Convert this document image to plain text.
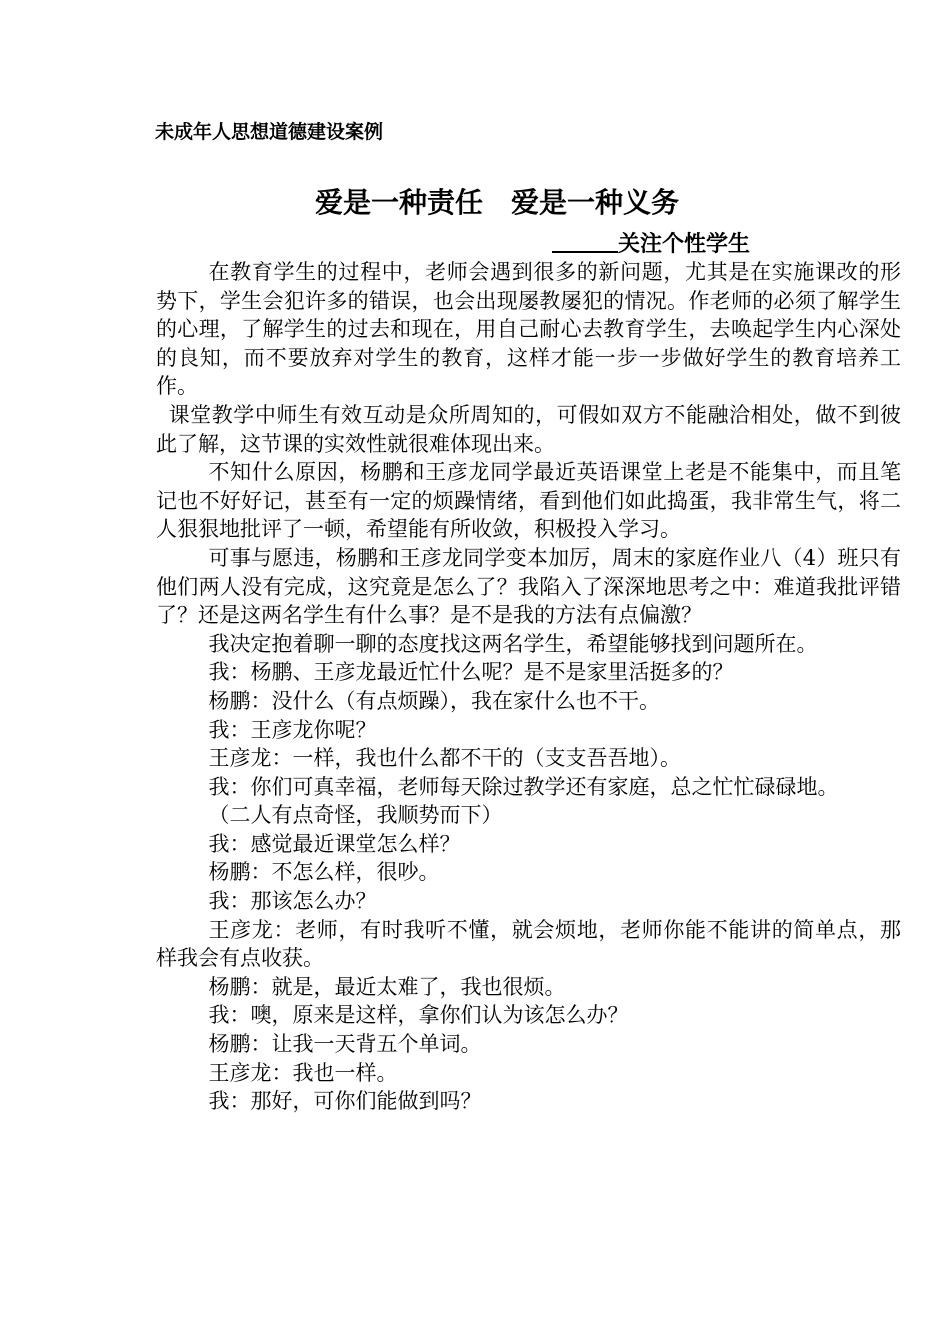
未成年人思想道德建设案例
爱是一种责任 爱是一种义务
关注个性学生

在教育学生的过程中，老师会遇到很多的新问题，尤其是在实施课改的形势下，学生会犯许多的错误，也会出现屡教屡犯的情况。作老师的必须了解学生的心理，了解学生的过去和现在，用自己耐心去教育学生，去唤起学生内心深处的良知，而不要放弃对学生的教育，这样才能一步一步做好学生的教育培养工作。

课堂教学中师生有效互动是众所周知的，可假如双方不能融洽相处，做不到彼此了解，这节课的实效性就很难体现出来。

不知什么原因，杨鹏和王彦龙同学最近英语课堂上老是不能集中，而且笔记也不好好记，甚至有一定的烦躁情绪，看到他们如此捣蛋，我非常生气，将二人狠狠地批评了一顿，希望能有所收敛，积极投入学习。

可事与愿违，杨鹏和王彦龙同学变本加厉，周末的家庭作业八（4）班只有他们两人没有完成，这究竟是怎么了？我陷入了深深地思考之中：难道我批评错了？还是这两名学生有什么事？是不是我的方法有点偏激？

我决定抱着聊一聊的态度找这两名学生，希望能够找到问题所在。

我：杨鹏、王彦龙最近忙什么呢？是不是家里活挺多的？

杨鹏：没什么（有点烦躁），我在家什么也不干。

我：王彦龙你呢？

王彦龙：一样，我也什么都不干的（支支吾吾地）。

我：你们可真幸福，老师每天除过教学还有家庭，总之忙忙碌碌地。

（二人有点奇怪，我顺势而下）

我：感觉最近课堂怎么样？

杨鹏：不怎么样，很吵。

我：那该怎么办？

王彦龙：老师，有时我听不懂，就会烦地，老师你能不能讲的简单点，那样我会有点收获。

杨鹏：就是，最近太难了，我也很烦。

我：噢，原来是这样，拿你们认为该怎么办？

杨鹏：让我一天背五个单词。

王彦龙：我也一样。

我：那好，可你们能做到吗？
